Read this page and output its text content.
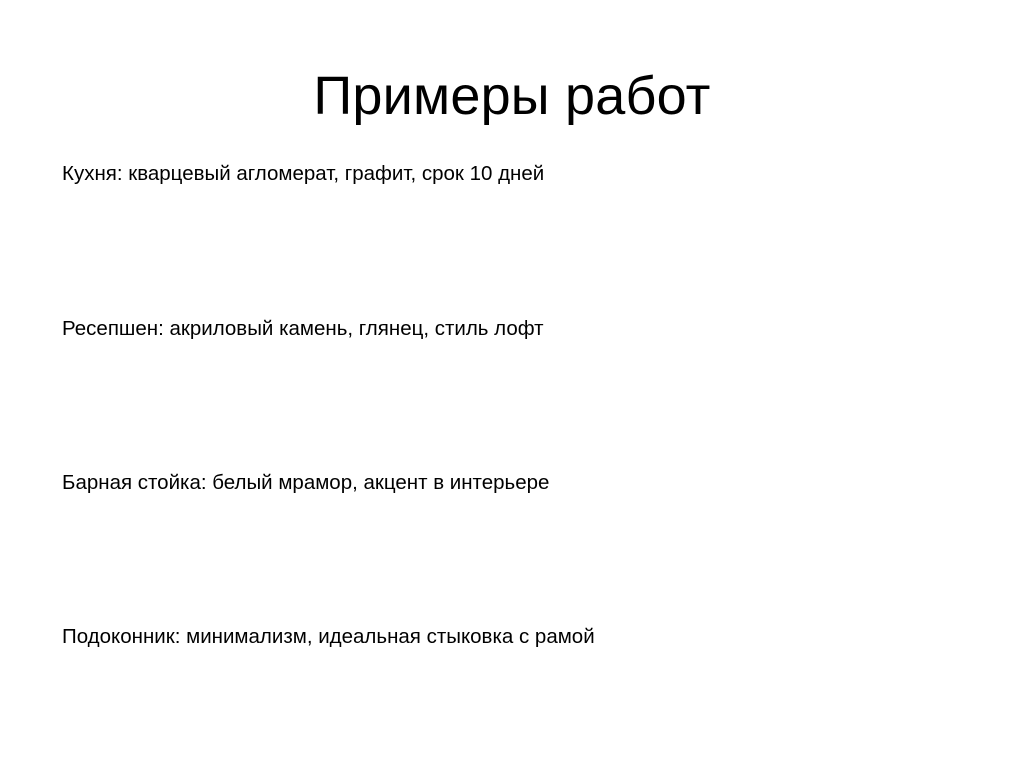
Примеры работ

Кухня: кварцевый агломерат, графит, срок 10 дней

Ресепшен: акриловый камень, глянец, стиль лофт

Барная стойка: белый мрамор, акцент в интерьере

Подоконник: минимализм, идеальная стыковка с рамой
